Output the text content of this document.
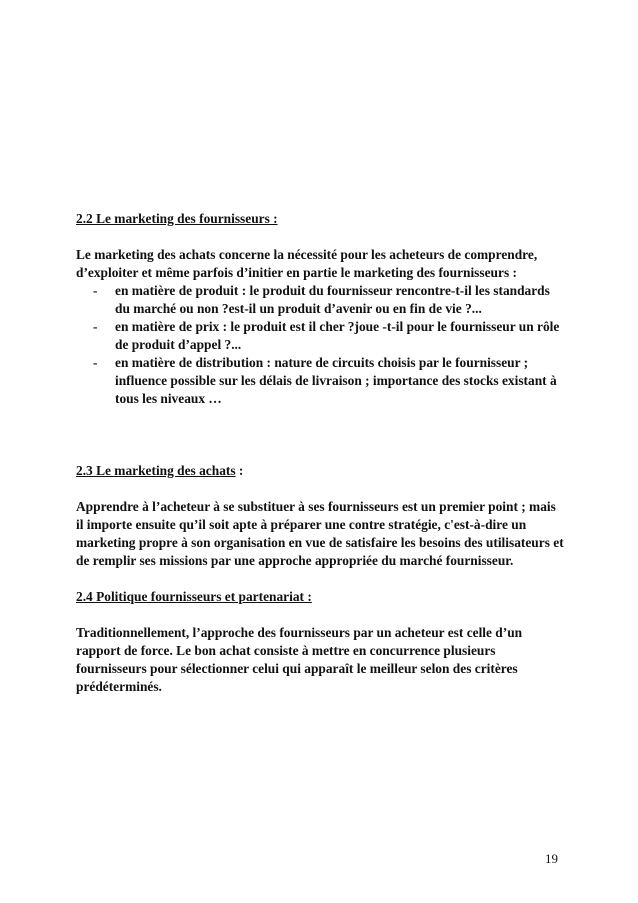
2.2 Le marketing des fournisseurs :

Le marketing des achats concerne la nécessité pour les acheteurs de comprendre, d’exploiter et même parfois d’initier en partie le marketing des fournisseurs :

- en matière de produit : le produit du fournisseur rencontre-t-il les standards du marché ou non ?est-il un produit d’avenir ou en fin de vie ?...
- en matière de prix : le produit est il cher ?joue -t-il pour le fournisseur un rôle de produit d’appel ?...
- en matière de distribution : nature de circuits choisis par le fournisseur ; influence possible sur les délais de livraison ; importance des stocks existant à tous les niveaux …

2.3 Le marketing des achats :

Apprendre à l’acheteur à se substituer à ses fournisseurs est un premier point ; mais il importe ensuite qu’il soit apte à préparer une contre stratégie, c'est-à-dire un marketing propre à son organisation en vue de satisfaire les besoins des utilisateurs et de remplir ses missions par une approche appropriée du marché fournisseur.

2.4 Politique fournisseurs et partenariat :

Traditionnellement, l’approche des fournisseurs par un acheteur est celle d’un rapport de force. Le bon achat consiste à mettre en concurrence plusieurs fournisseurs pour sélectionner celui qui apparaît le meilleur selon des critères prédéterminés.

19
